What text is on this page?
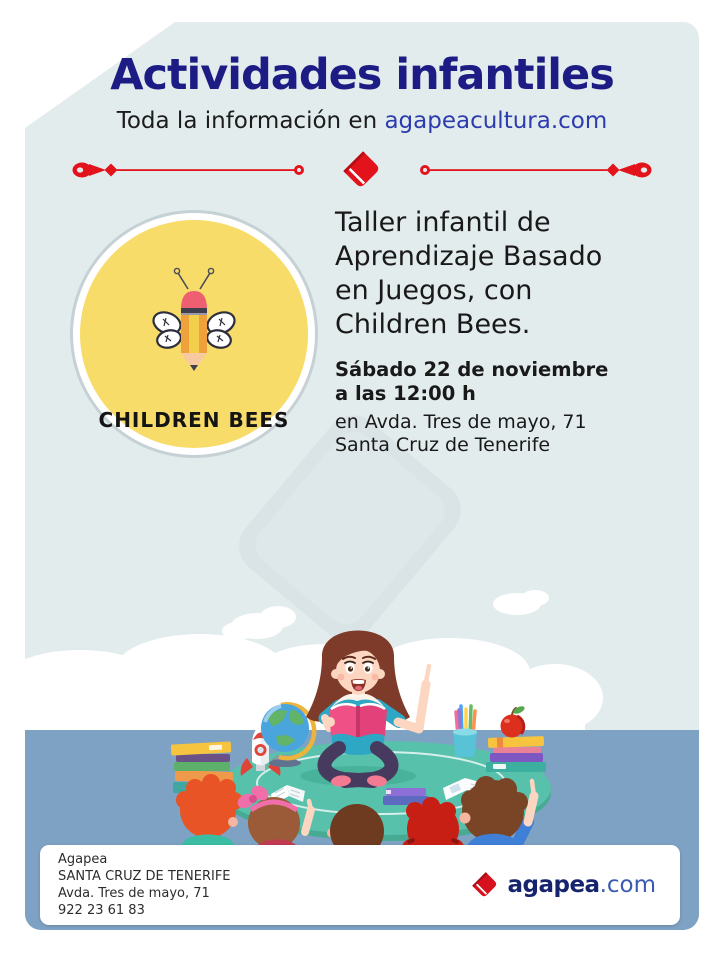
Actividades infantiles
Toda la información en agapeacultura.com
CHILDREN BEES
Taller infantil de
Aprendizaje Basado
en Juegos, con
Children Bees.
Sábado 22 de noviembre
a las 12:00 h
en Avda. Tres de mayo, 71
Santa Cruz de Tenerife
Agapea
SANTA CRUZ DE TENERIFE
Avda. Tres de mayo, 71
922 23 61 83
agapea .com
